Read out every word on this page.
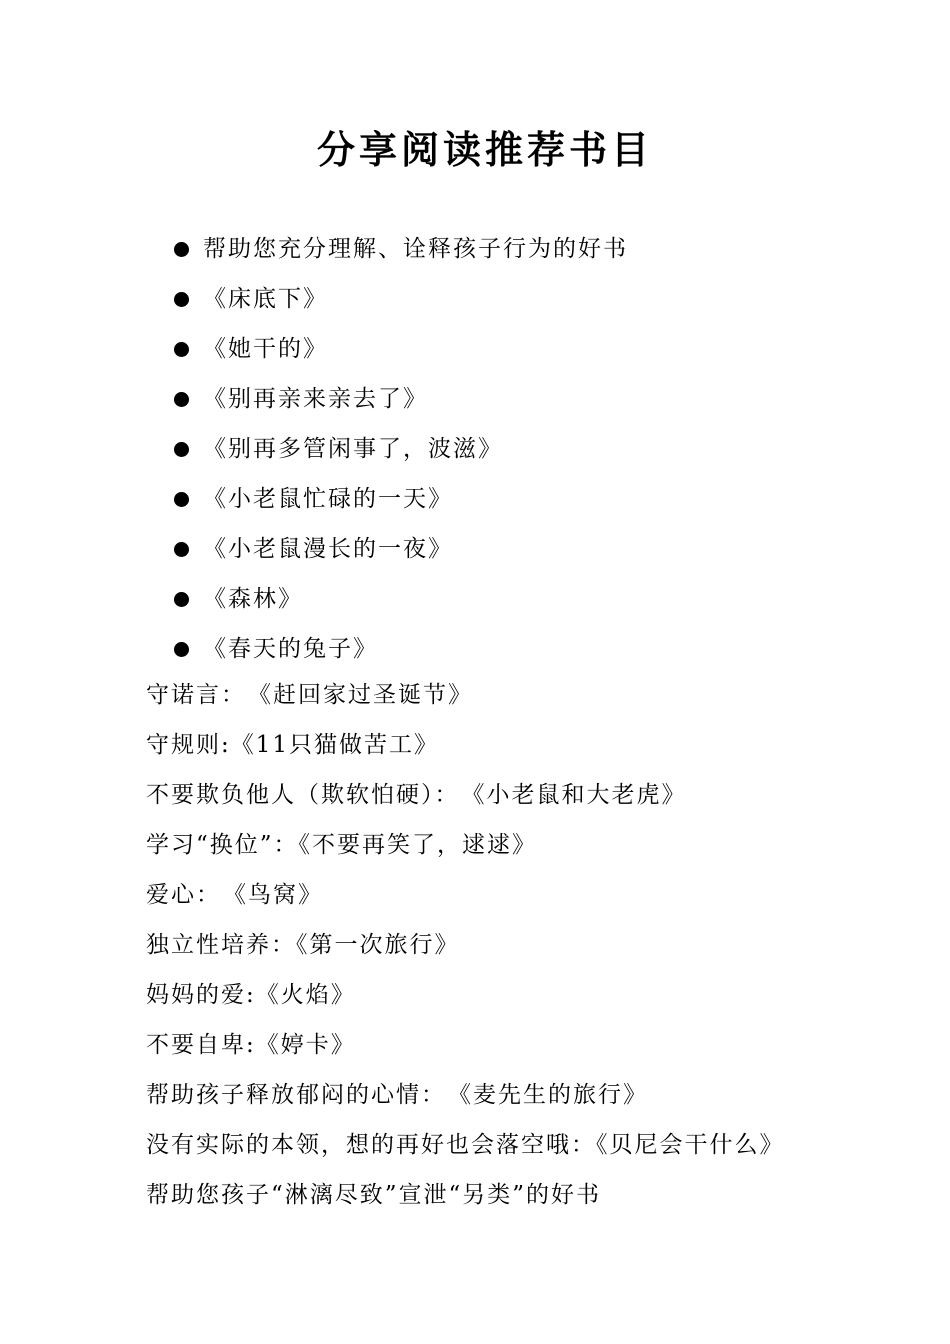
分享阅读推荐书目
帮助您充分理解、诠释孩子行为的好书
《床底下》
《她干的》
《别再亲来亲去了》
《别再多管闲事了，波滋》
《小老鼠忙碌的一天》
《小老鼠漫长的一夜》
《森林》
《春天的兔子》
守诺言：　《赶回家过圣诞节》
守规则:《11只猫做苦工》
不要欺负他人（欺软怕硬）：　《小老鼠和大老虎》
学习“换位”：《不要再笑了，逑逑》
爱心：　《鸟窝》
独立性培养：《第一次旅行》
妈妈的爱:《火焰》
不要自卑:《婷卡》
帮助孩子释放郁闷的心情：　《麦先生的旅行》
没有实际的本领，想的再好也会落空哦：《贝尼会干什么》
帮助您孩子“淋漓尽致”宣泄“另类”的好书
